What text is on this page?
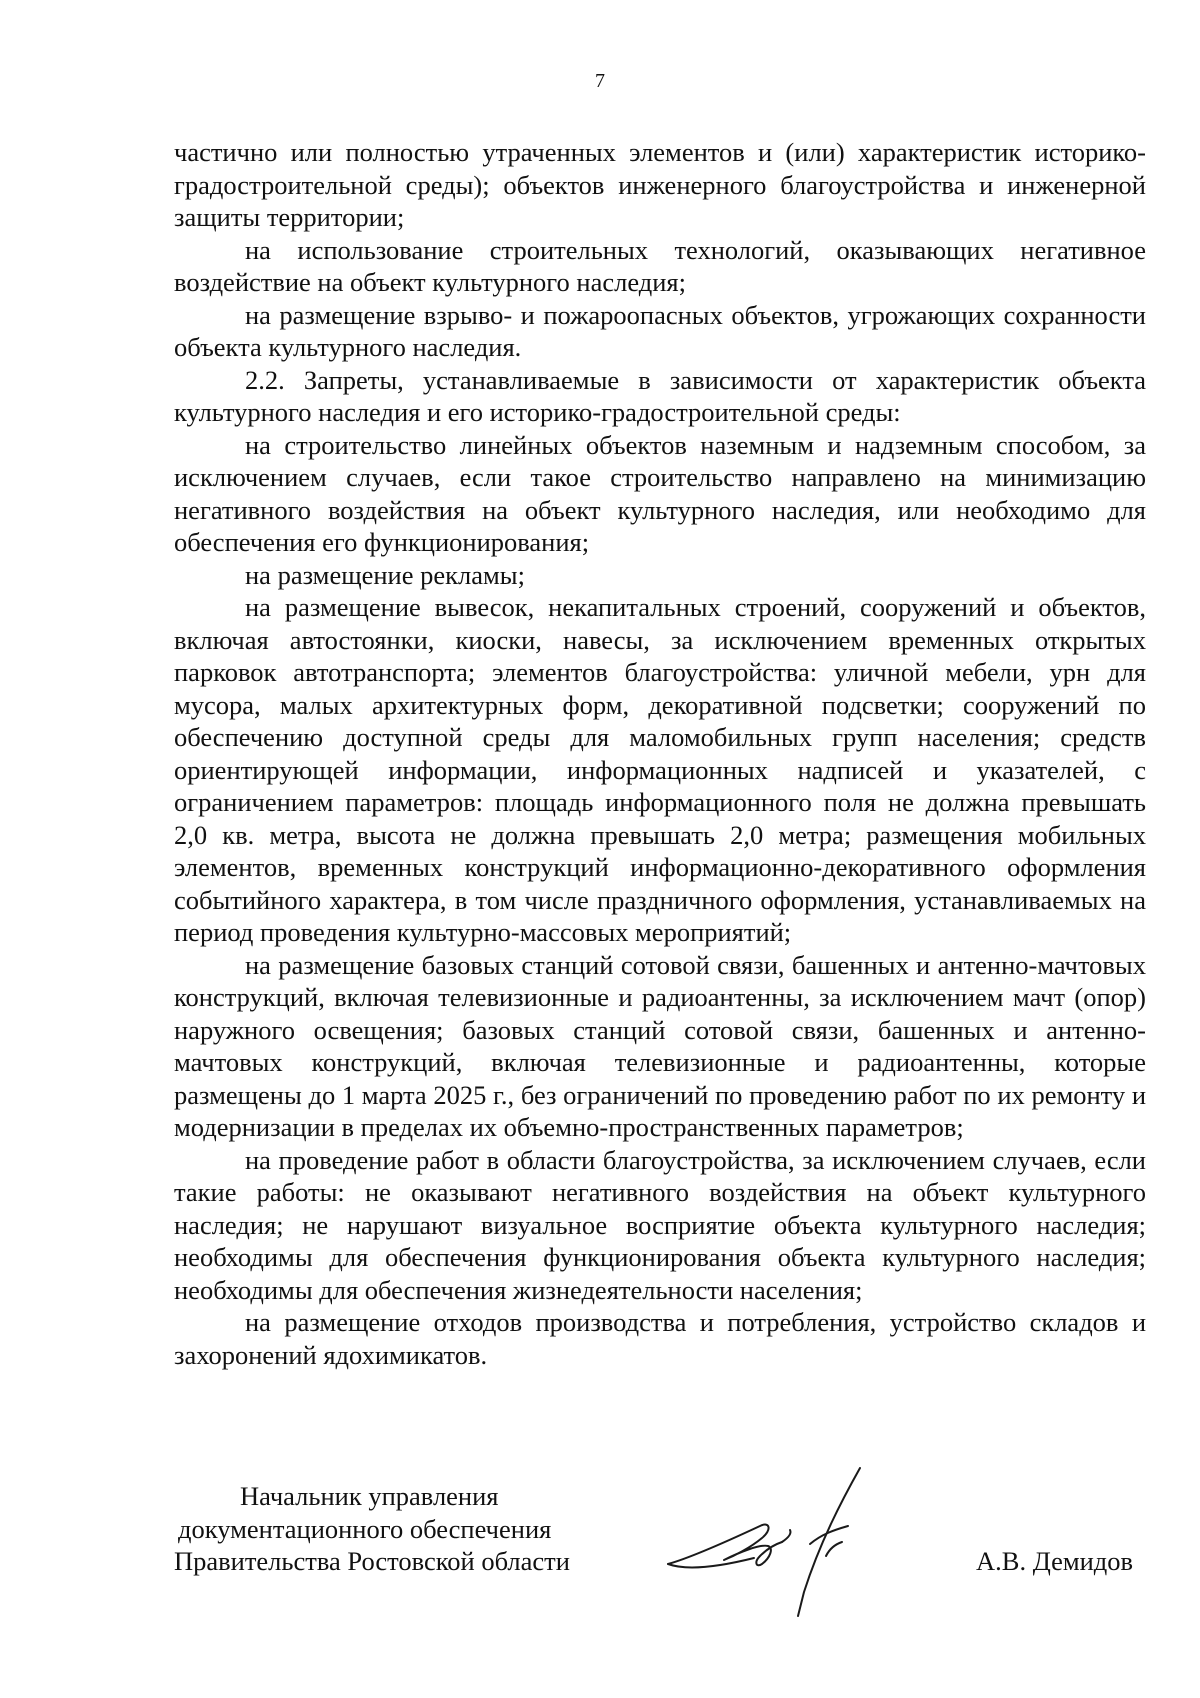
7

частично или полностью утраченных элементов и (или) характеристик историко-градостроительной среды); объектов инженерного благоустройства и инженерной защиты территории;

на использование строительных технологий, оказывающих негативное воздействие на объект культурного наследия;

на размещение взрыво- и пожароопасных объектов, угрожающих сохранности объекта культурного наследия.

2.2. Запреты, устанавливаемые в зависимости от характеристик объекта культурного наследия и его историко-градостроительной среды:

на строительство линейных объектов наземным и надземным способом, за исключением случаев, если такое строительство направлено на минимизацию негативного воздействия на объект культурного наследия, или необходимо для обеспечения его функционирования;

на размещение рекламы;

на размещение вывесок, некапитальных строений, сооружений и объектов, включая автостоянки, киоски, навесы, за исключением временных открытых парковок автотранспорта; элементов благоустройства: уличной мебели, урн для мусора, малых архитектурных форм, декоративной подсветки; сооружений по обеспечению доступной среды для маломобильных групп населения; средств ориентирующей информации, информационных надписей и указателей, с ограничением параметров: площадь информационного поля не должна превышать 2,0 кв. метра, высота не должна превышать 2,0 метра; размещения мобильных элементов, временных конструкций информационно-декоративного оформления событийного характера, в том числе праздничного оформления, устанавливаемых на период проведения культурно-массовых мероприятий;

на размещение базовых станций сотовой связи, башенных и антенно-мачтовых конструкций, включая телевизионные и радиоантенны, за исключением мачт (опор) наружного освещения; базовых станций сотовой связи, башенных и антенно-мачтовых конструкций, включая телевизионные и радиоантенны, которые размещены до 1 марта 2025 г., без ограничений по проведению работ по их ремонту и модернизации в пределах их объемно-пространственных параметров;

на проведение работ в области благоустройства, за исключением случаев, если такие работы: не оказывают негативного воздействия на объект культурного наследия; не нарушают визуальное восприятие объекта культурного наследия; необходимы для обеспечения функционирования объекта культурного наследия; необходимы для обеспечения жизнедеятельности населения;

на размещение отходов производства и потребления, устройство складов и захоронений ядохимикатов.

Начальник управления
документационного обеспечения
Правительства Ростовской области	А.В. Демидов
